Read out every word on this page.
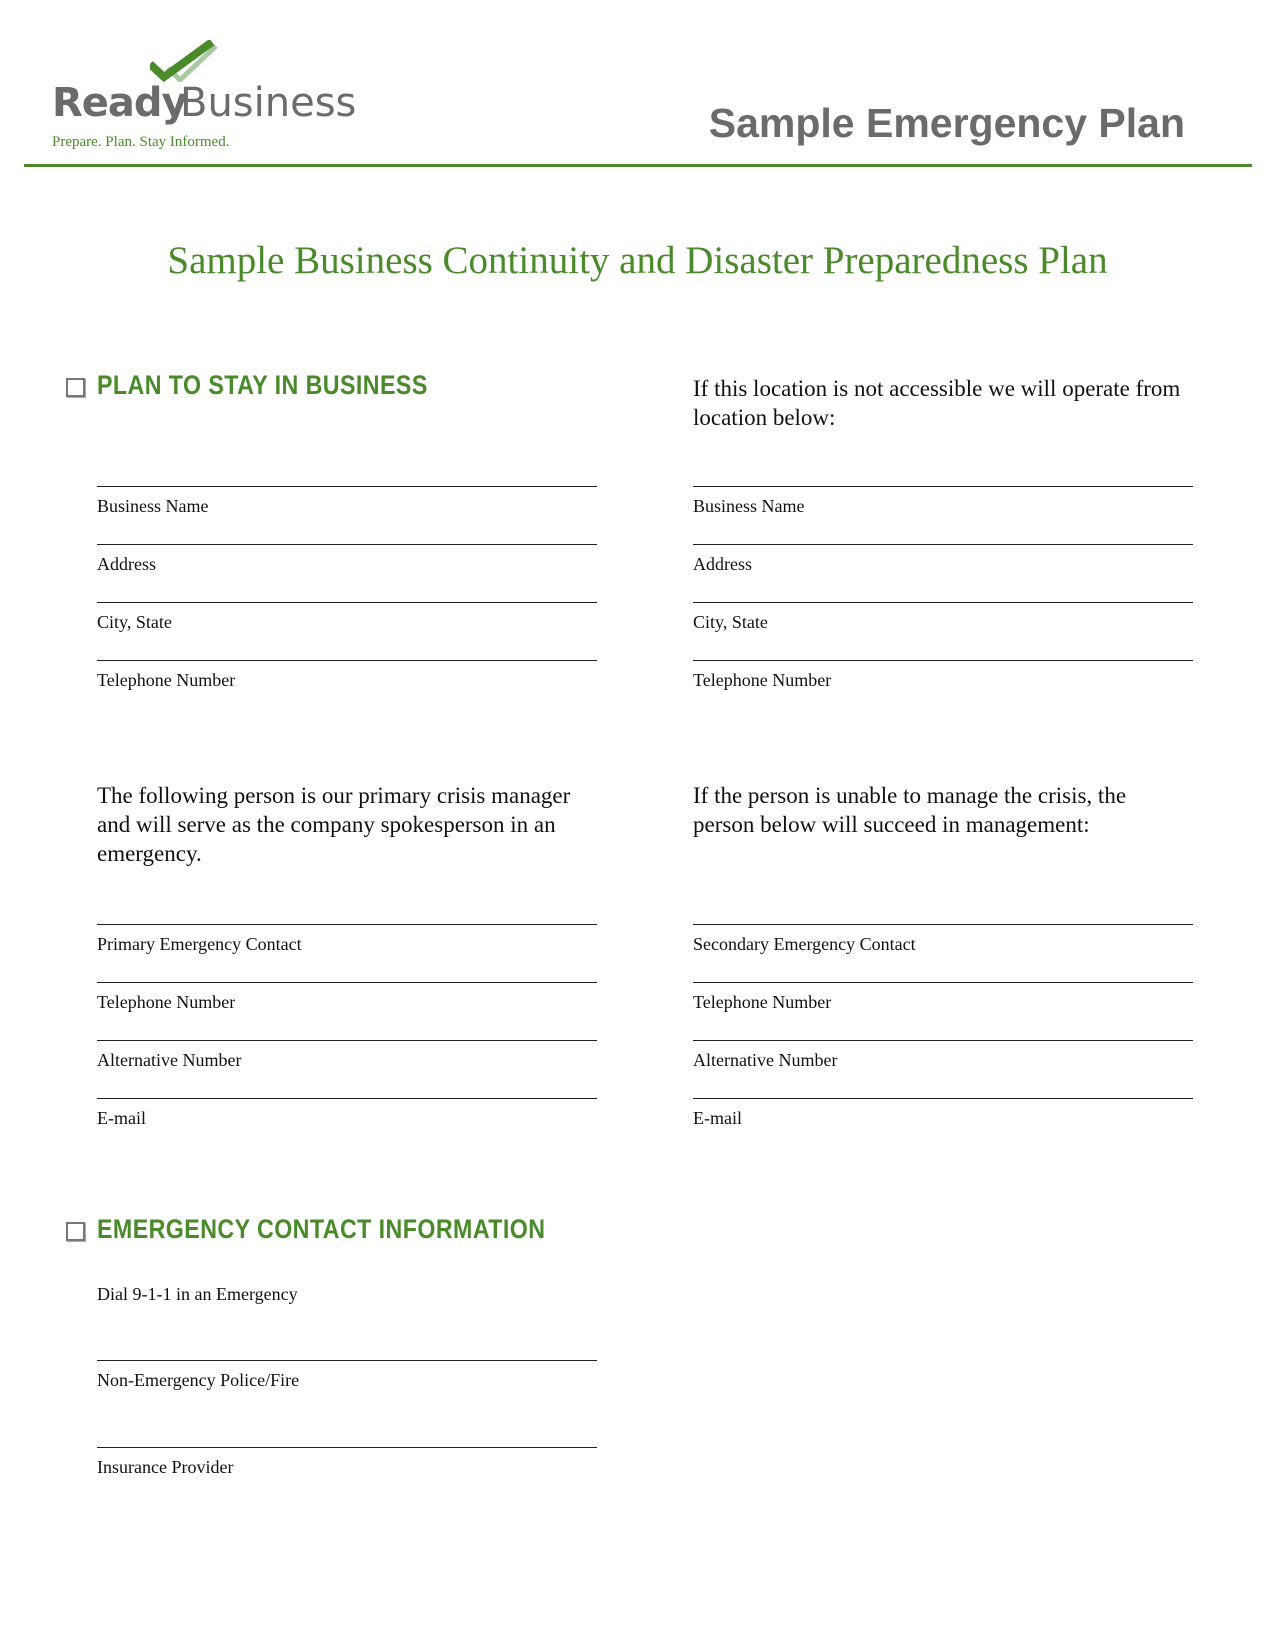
Ready
Business
Prepare. Plan. Stay Informed.	Sample Emergency Plan
Sample Business Continuity and Disaster Preparedness Plan
PLAN TO STAY IN BUSINESS	If this location is not accessible we will operate from location below:
Business Name
Address
City, State
Telephone Number
Business Name
Address
City, State
Telephone Number
The following person is our primary crisis manager and will serve as the company spokesperson in an emergency.
If the person is unable to manage the crisis, the person below will succeed in management:
Primary Emergency Contact
Telephone Number
Alternative Number
E-mail
Secondary Emergency Contact
Telephone Number
Alternative Number
E-mail
EMERGENCY CONTACT INFORMATION
Dial 9-1-1 in an Emergency
Non-Emergency Police/Fire
Insurance Provider
